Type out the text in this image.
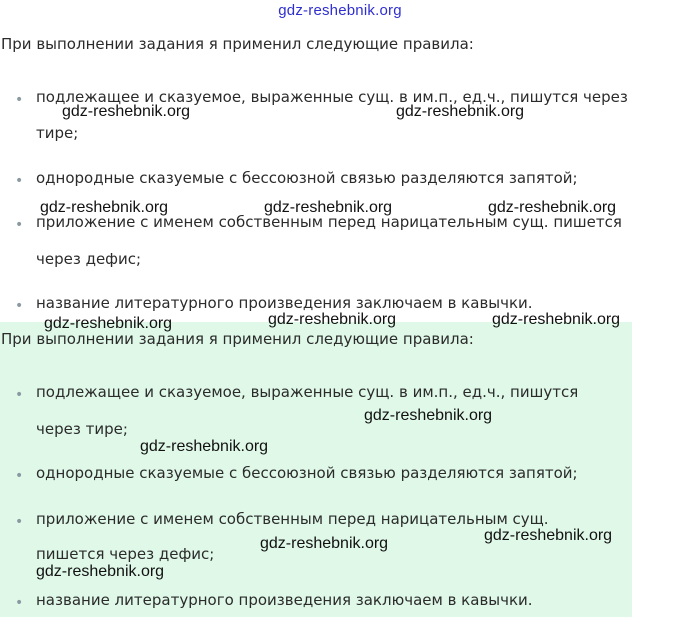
gdz-reshebnik.org
При выполнении задания я применил следующие правила:
• подлежащее и сказуемое, выраженные сущ. в им.п., ед.ч., пишутся через
тире;
• однородные сказуемые с бессоюзной связью разделяются запятой;
• приложение с именем собственным перед нарицательным сущ. пишется
через дефис;
• название литературного произведения заключаем в кавычки.
При выполнении задания я применил следующие правила:
• подлежащее и сказуемое, выраженные сущ. в им.п., ед.ч., пишутся
через тире;
• однородные сказуемые с бессоюзной связью разделяются запятой;
• приложение с именем собственным перед нарицательным сущ.
пишется через дефис;
• название литературного произведения заключаем в кавычки.
gdz-reshebnik.org	gdz-reshebnik.org
gdz-reshebnik.org	gdz-reshebnik.org	gdz-reshebnik.org
gdz-reshebnik.org	gdz-reshebnik.org	gdz-reshebnik.org
gdz-reshebnik.org
gdz-reshebnik.org
gdz-reshebnik.org
gdz-reshebnik.org
gdz-reshebnik.org
